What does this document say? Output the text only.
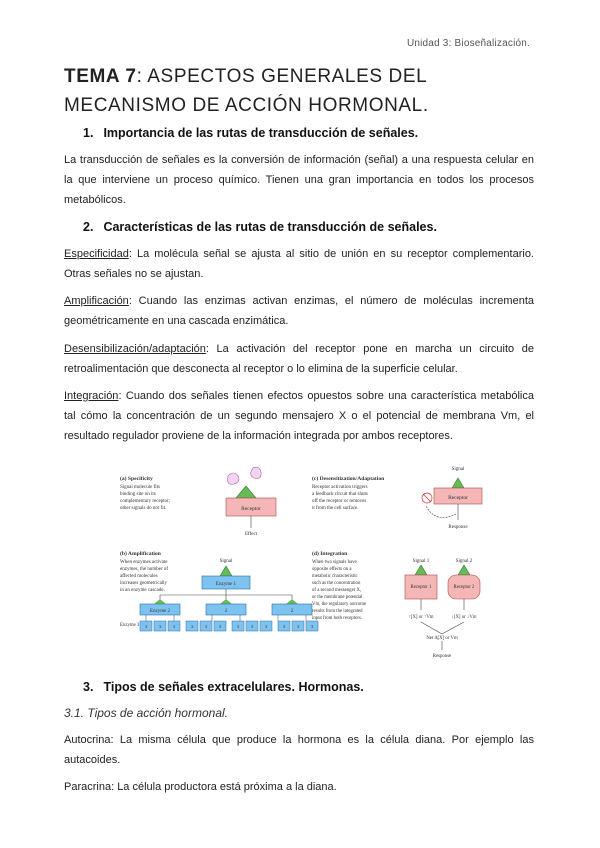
Unidad 3: Bioseñalización.
TEMA 7: ASPECTOS GENERALES DEL MECANISMO DE ACCIÓN HORMONAL.
1. Importancia de las rutas de transducción de señales.
La transducción de señales es la conversión de información (señal) a una respuesta celular en la que interviene un proceso químico. Tienen una gran importancia en todos los procesos metabólicos.
2. Características de las rutas de transducción de señales.
Especificidad: La molécula señal se ajusta al sitio de unión en su receptor complementario. Otras señales no se ajustan.
Amplificación: Cuando las enzimas activan enzimas, el número de moléculas incrementa geométricamente en una cascada enzimática.
Desensibilización/adaptación: La activación del receptor pone en marcha un circuito de retroalimentación que desconecta al receptor o lo elimina de la superficie celular.
Integración: Cuando dos señales tienen efectos opuestos sobre una característica metabólica tal cómo la concentración de un segundo mensajero X o el potencial de membrana Vm, el resultado regulador proviene de la información integrada por ambos receptores.
(a) Specificity
Signal molecule fits
binding site on its
complementary receptor;
other signals do not fit.	Receptor
Effect
(c) Desensitization/Adaptation
Receptor activation triggers
a feedback circuit that shuts
off the receptor or removes
it from the cell surface.
Signal
Receptor
Response
(b) Amplification
When enzymes activate
enzymes, the number of
affected molecules
increases geometrically
in an enzyme cascade.
Signal
Enzyme 1
Enzyme 2	2	2
Enzyme 3 3	3	3	3	3	3	3	3	3	3	3	3
(d) Integration
When two signals have
opposite effects on a
metabolic characteristic
such as the concentration
of a second messenger X,
or the membrane potential
Vm, the regulatory outcome
results from the integrated
input from both receptors.
Signal 1	Signal 2
Receptor 1	Receptor 2
↑[X] or ↑Vm	↓[X] or ↓Vm
Net Δ[X] or Vm
Response
3. Tipos de señales extracelulares. Hormonas.
3.1. Tipos de acción hormonal.
Autocrina: La misma célula que produce la hormona es la célula diana. Por ejemplo las autacoides.
Paracrina: La célula productora está próxima a la diana.
